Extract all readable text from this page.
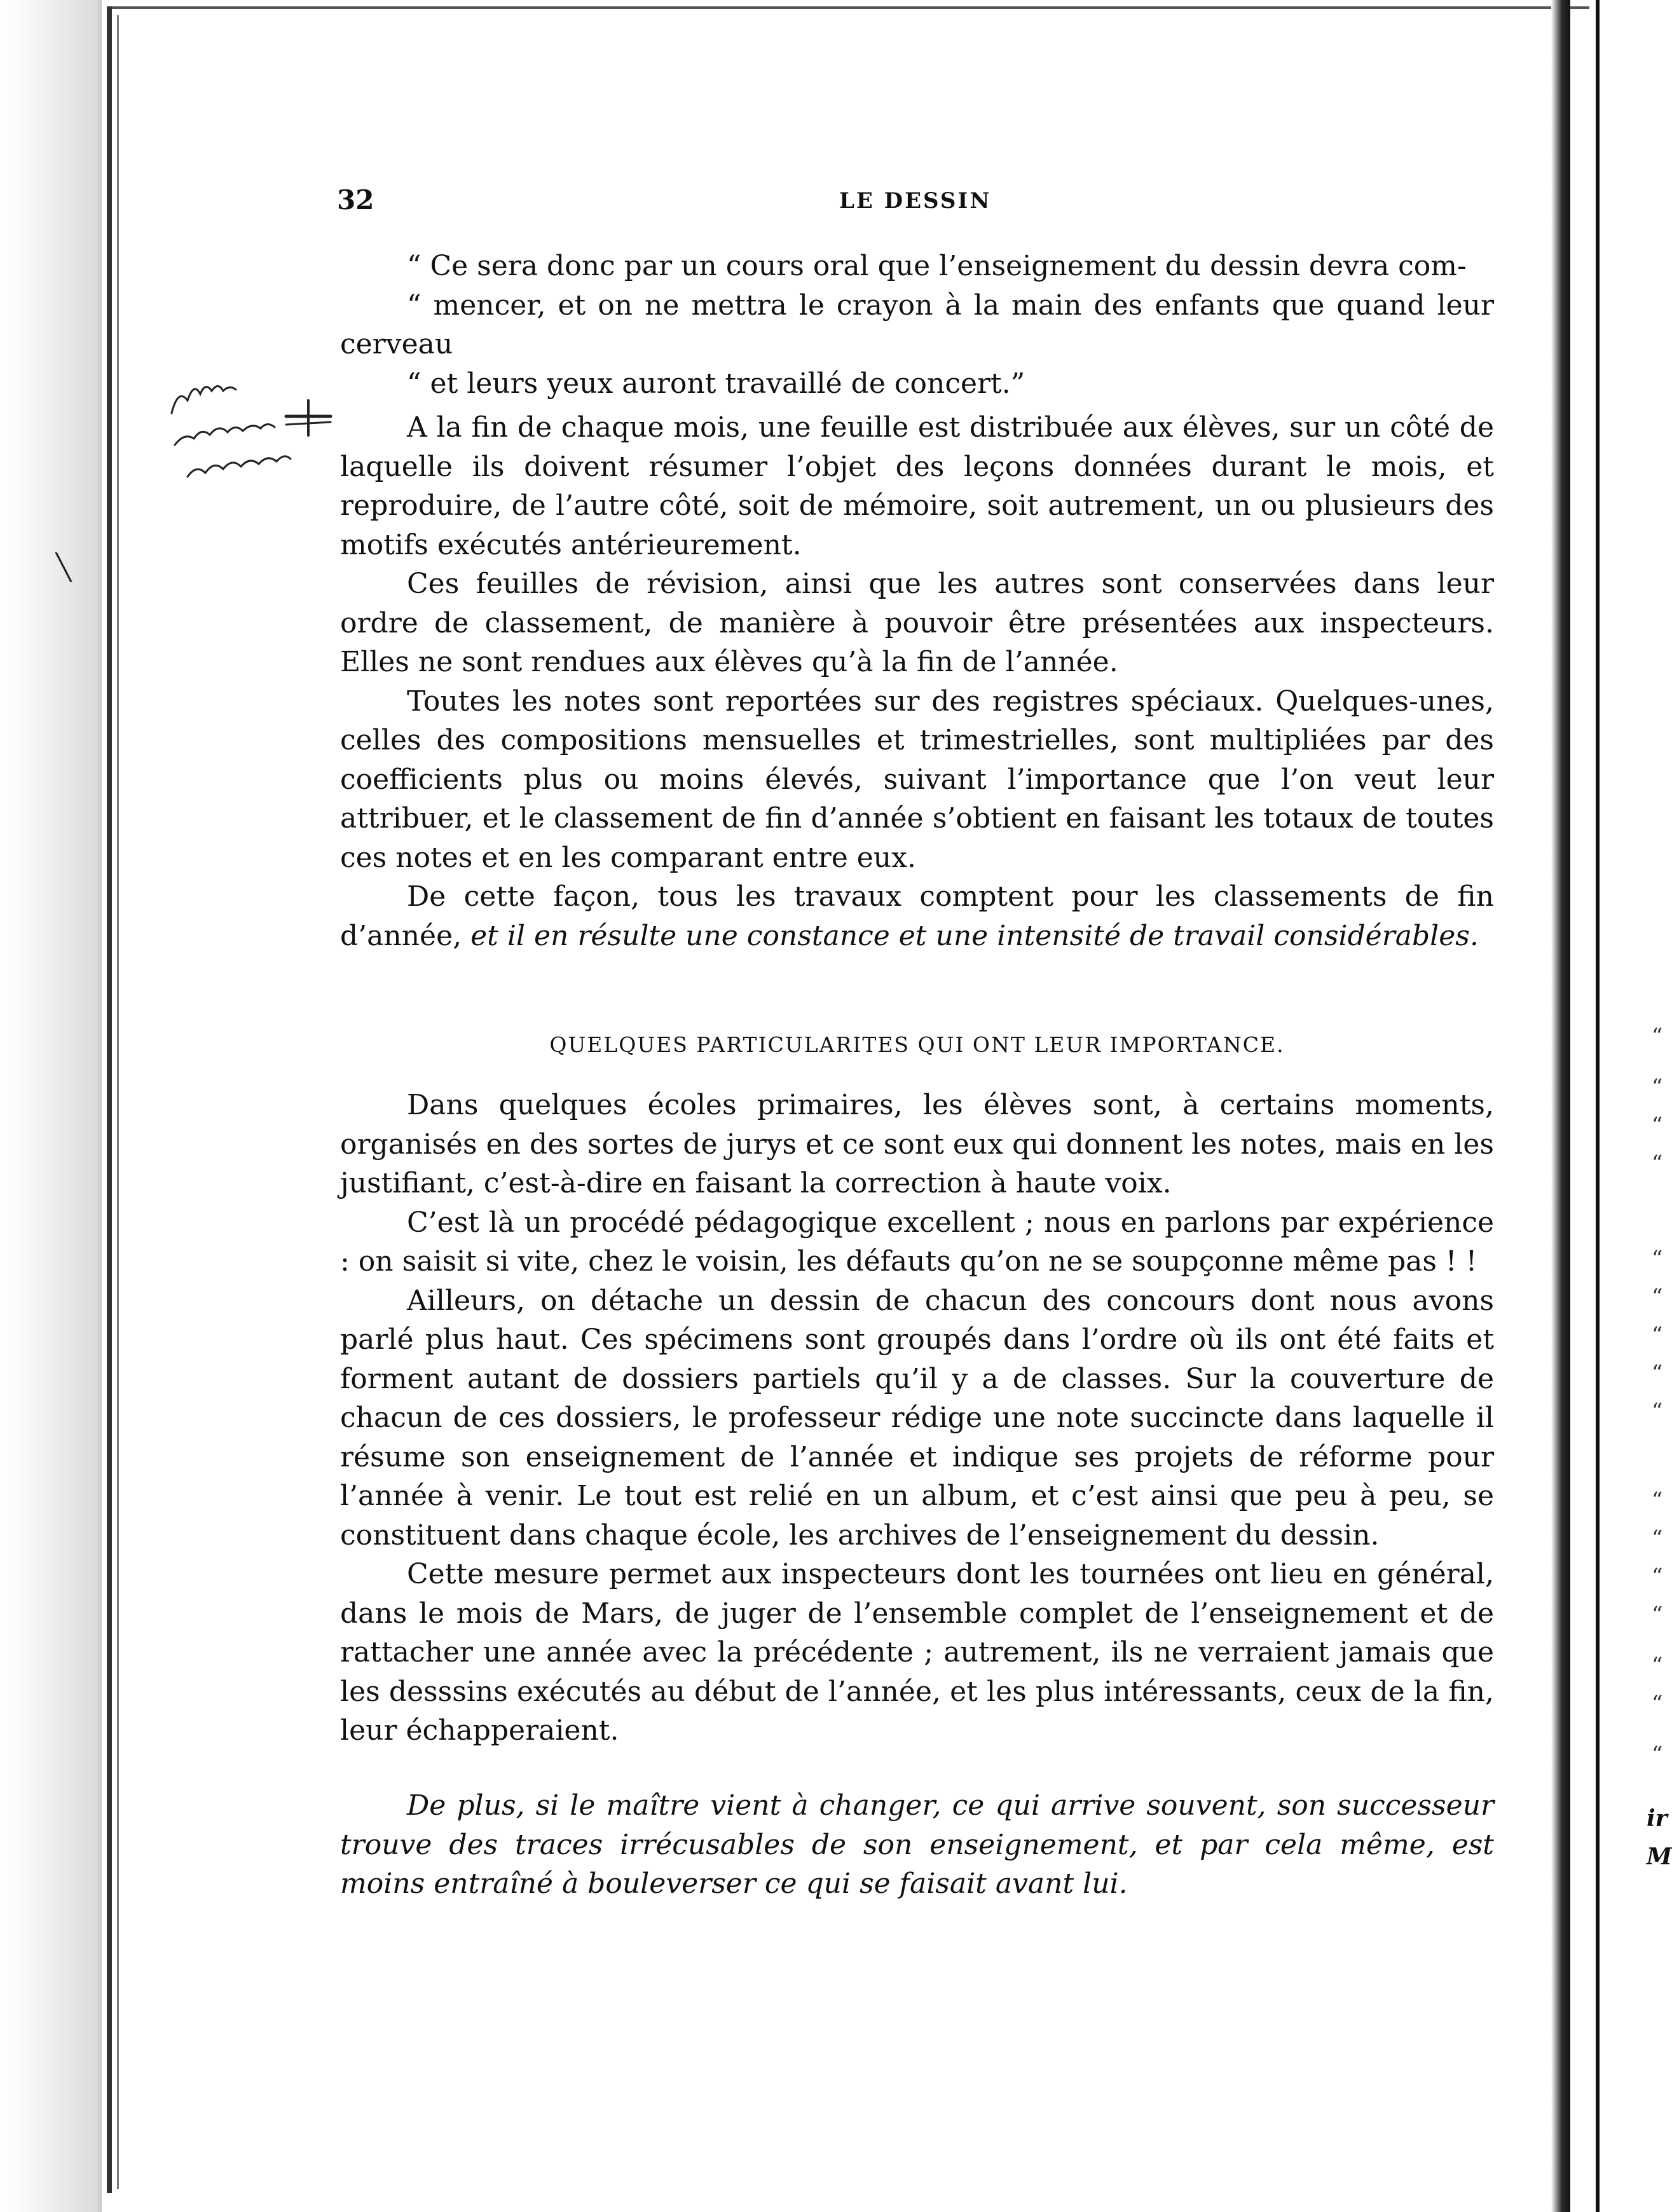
“
“
“
“
“
“
“
“
“
“
“
“
“
“
“
“
ir
M
╲
32	LE DESSIN
“ Ce sera donc par un cours oral que l’enseignement du dessin devra com-
“ mencer, et on ne mettra le crayon à la main des enfants que quand leur cerveau
“ et leurs yeux auront travaillé de concert.”

A la fin de chaque mois, une feuille est distribuée aux élèves, sur un côté de laquelle ils doivent résumer l’objet des leçons données durant le mois, et reproduire, de l’autre côté, soit de mémoire, soit autrement, un ou plusieurs des motifs exécutés antérieurement.

Ces feuilles de révision, ainsi que les autres sont conservées dans leur ordre de classement, de manière à pouvoir être présentées aux inspecteurs. Elles ne sont rendues aux élèves qu’à la fin de l’année.

Toutes les notes sont reportées sur des registres spéciaux. Quelques-unes, celles des compositions mensuelles et trimestrielles, sont multipliées par des coefficients plus ou moins élevés, suivant l’importance que l’on veut leur attribuer, et le classement de fin d’année s’obtient en faisant les totaux de toutes ces notes et en les comparant entre eux.

De cette façon, tous les travaux comptent pour les classements de fin d’année, et il en résulte une constance et une intensité de travail considérables.

QUELQUES PARTICULARITES QUI ONT LEUR IMPORTANCE.

Dans quelques écoles primaires, les élèves sont, à certains moments, organisés en des sortes de jurys et ce sont eux qui donnent les notes, mais en les justifiant, c’est-à-dire en faisant la correction à haute voix.

C’est là un procédé pédagogique excellent ; nous en parlons par expérience : on saisit si vite, chez le voisin, les défauts qu’on ne se soupçonne même pas ! !

Ailleurs, on détache un dessin de chacun des concours dont nous avons parlé plus haut. Ces spécimens sont groupés dans l’ordre où ils ont été faits et forment autant de dossiers partiels qu’il y a de classes. Sur la couverture de chacun de ces dossiers, le professeur rédige une note succincte dans laquelle il résume son enseignement de l’année et indique ses projets de réforme pour l’année à venir. Le tout est relié en un album, et c’est ainsi que peu à peu, se constituent dans chaque école, les archives de l’enseignement du dessin.

Cette mesure permet aux inspecteurs dont les tournées ont lieu en général, dans le mois de Mars, de juger de l’ensemble complet de l’enseignement et de rattacher une année avec la précédente ; autrement, ils ne verraient jamais que les desssins exécutés au début de l’année, et les plus intéressants, ceux de la fin, leur échapperaient.

De plus, si le maître vient à changer, ce qui arrive souvent, son successeur trouve des traces irrécusables de son enseignement, et par cela même, est moins entraîné à bouleverser ce qui se faisait avant lui.
